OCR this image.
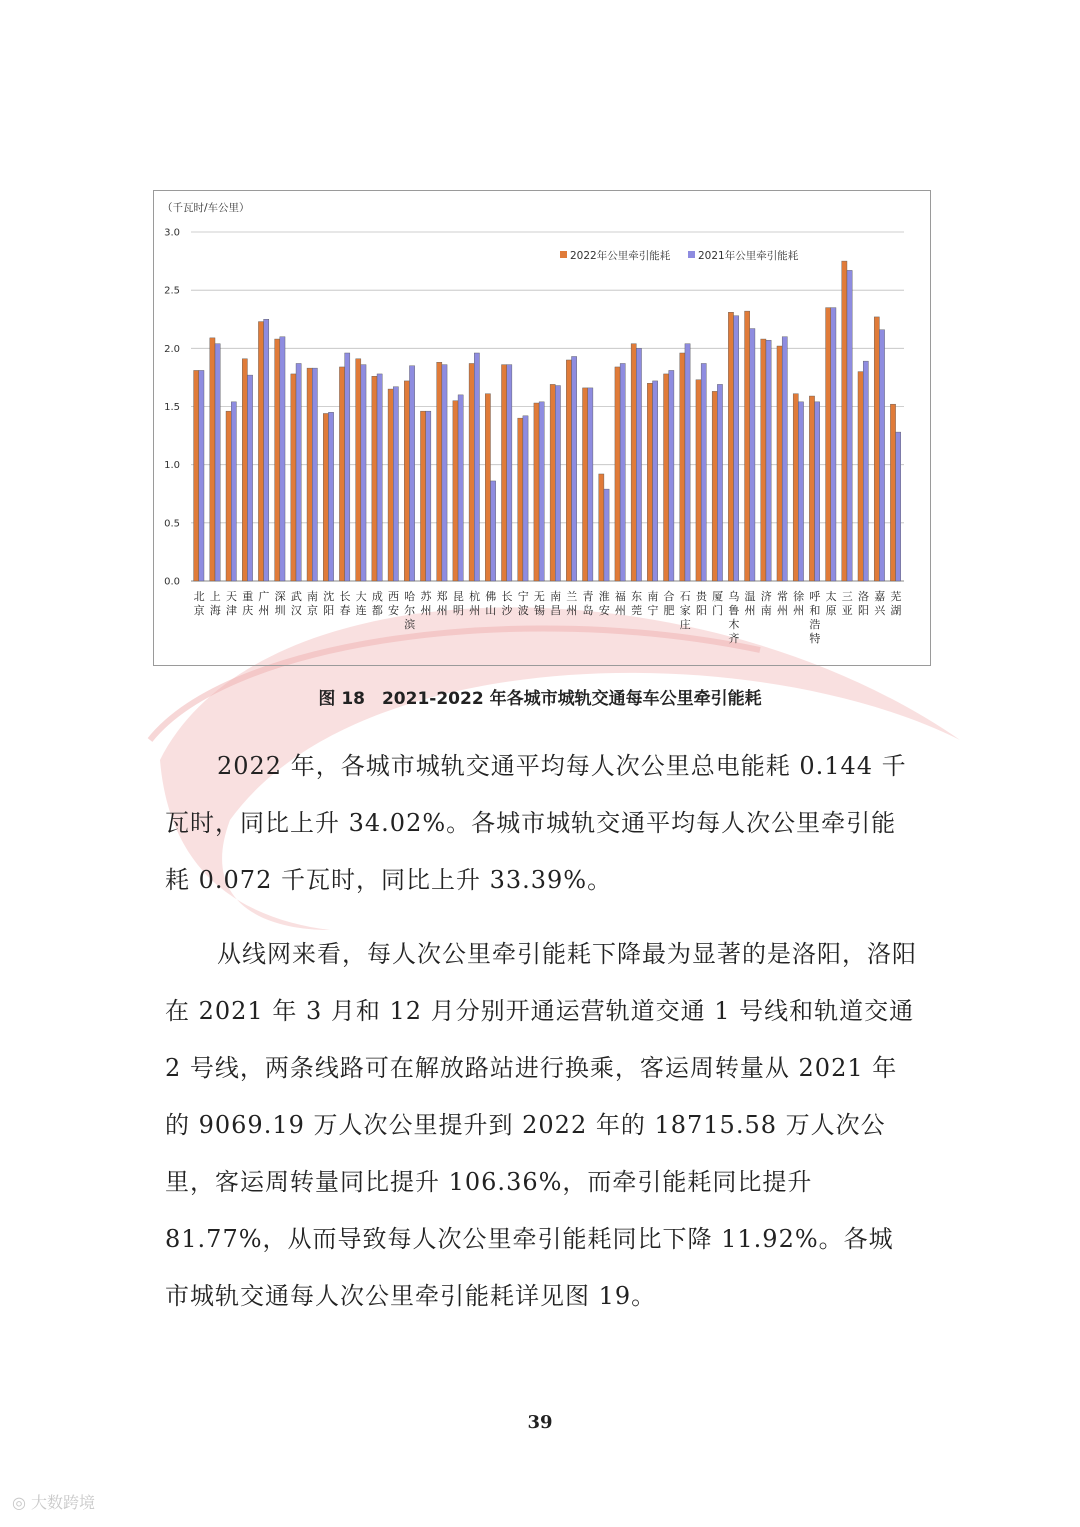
0.0
0.5
1.0
1.5
2.0
2.5
3.0
北
京
上
海
天
津
重
庆
广
州
深
圳
武
汉
南
京
沈
阳
长
春
大
连
成
都
西
安
哈
尔
滨
苏
州
郑
州
昆
明
杭
州
佛
山
长
沙
宁
波
无
锡
南
昌
兰
州
青
岛
淮
安
福
州
东
莞
南
宁
合
肥
石
家
庄
贵
阳
厦
门
乌
鲁
木
齐
温
州
济
南
常
州
徐
州
呼
和
浩
特
太
原
三
亚
洛
阳
嘉
兴
芜
湖
（千瓦时/车公里）
2022年公里牵引能耗	2021年公里牵引能耗
图 18　2021-2022 年各城市城轨交通每车公里牵引能耗

2022 年，各城市城轨交通平均每人次公里总电能耗 0.144 千瓦时，同比上升 34.02%。各城市城轨交通平均每人次公里牵引能耗 0.072 千瓦时，同比上升 33.39%。

从线网来看，每人次公里牵引能耗下降最为显著的是洛阳，洛阳在 2021 年 3 月和 12 月分别开通运营轨道交通 1 号线和轨道交通 2 号线，两条线路可在解放路站进行换乘，客运周转量从 2021 年的 9069.19 万人次公里提升到 2022 年的 18715.58 万人次公里，客运周转量同比提升 106.36%，而牵引能耗同比提升 81.77%，从而导致每人次公里牵引能耗同比下降 11.92%。各城市城轨交通每人次公里牵引能耗详见图 19。

39
◎ 大数跨境
